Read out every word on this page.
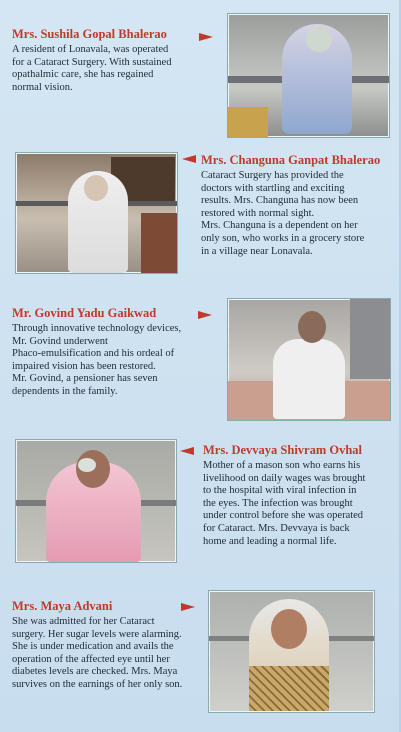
Mrs. Sushila Gopal Bhalerao

A resident of Lonavala, was operated

for a Cataract Surgery. With sustained

opathalmic care, she has regained

normal vision.

Mrs. Changuna Ganpat Bhalerao

Cataract Surgery has provided the

doctors with startling and exciting

results. Mrs. Changuna has now been

restored with normal sight.

Mrs. Changuna is a dependent on her

only son, who works in a grocery store

in a village near Lonavala.

Mr. Govind Yadu Gaikwad

Through innovative technology devices,

Mr. Govind underwent

Phaco-emulsification and his ordeal of

impaired vision has been restored.

Mr. Govind, a pensioner has seven

dependents in the family.

Mrs. Devvaya Shivram Ovhal

Mother of a mason son who earns his

livelihood on daily wages was brought

to the hospital with viral infection in

the eyes. The infection was brought

under control before she was operated

for Cataract. Mrs. Devvaya is back

home and leading a normal life.

Mrs. Maya Advani

She was admitted for her Cataract

surgery. Her sugar levels were alarming.

She is under medication and avails the

operation of the affected eye until her

diabetes levels are checked. Mrs. Maya

survives on the earnings of her only son.
